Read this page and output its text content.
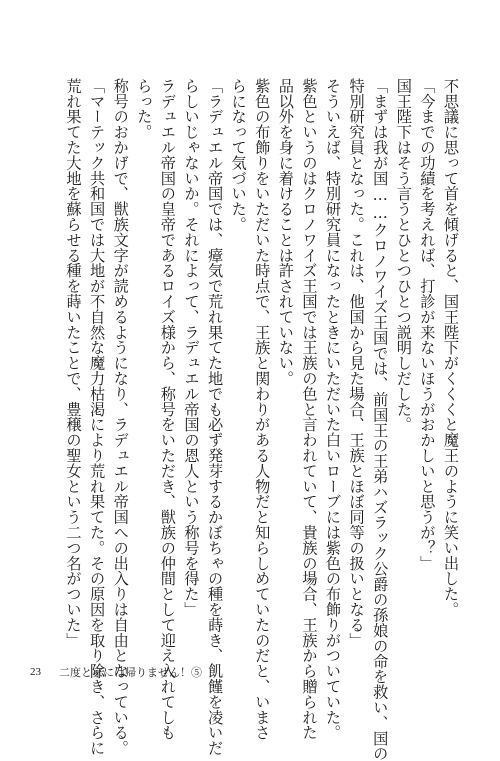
不思議に思って首を傾げると、国王陛下がくくくと魔王のように笑い出した。
「今までの功績を考えれば、打診が来ないほうがおかしいと思うが？」
国王陛下はそう言うとひとつひとつ説明しだした。
「まずは我が国……クロノワイズ王国では、前国王の王弟ハズラック公爵の孫娘の命を救い、国の
特別研究員となった。これは、他国から見た場合、王族とほぼ同等の扱いとなる」
そういえば、特別研究員になったときにいただいた白いローブには紫色の布飾りがついていた。
紫色というのはクロノワイズ王国では王族の色と言われていて、貴族の場合、王族から贈られた
品以外を身に着けることは許されていない。
紫色の布飾りをいただいた時点で、王族と関わりがある人物だと知らしめていたのだと、いまさ
らになって気づいた。
「ラデュエル帝国では、瘴気で荒れ果てた地でも必ず発芽するかぼちゃの種を蒔き、飢饉を凌いだ
らしいじゃないか。それによって、ラデュエル帝国の恩人という称号を得た」
ラデュエル帝国の皇帝であるロイズ様から、称号をいただき、獣族の仲間として迎え入れてしも
らった。
称号のおかげで、獣族文字が読めるようになり、ラデュエル帝国への出入りは自由となっている。
「マーテック共和国では大地が不自然な魔力枯渇により荒れ果てた。その原因を取り除き、さらに
荒れ果てた大地を蘇らせる種を蒔いたことで、豊穣の聖女という二つ名がついた」
23 二度と家には帰りません！⑤
